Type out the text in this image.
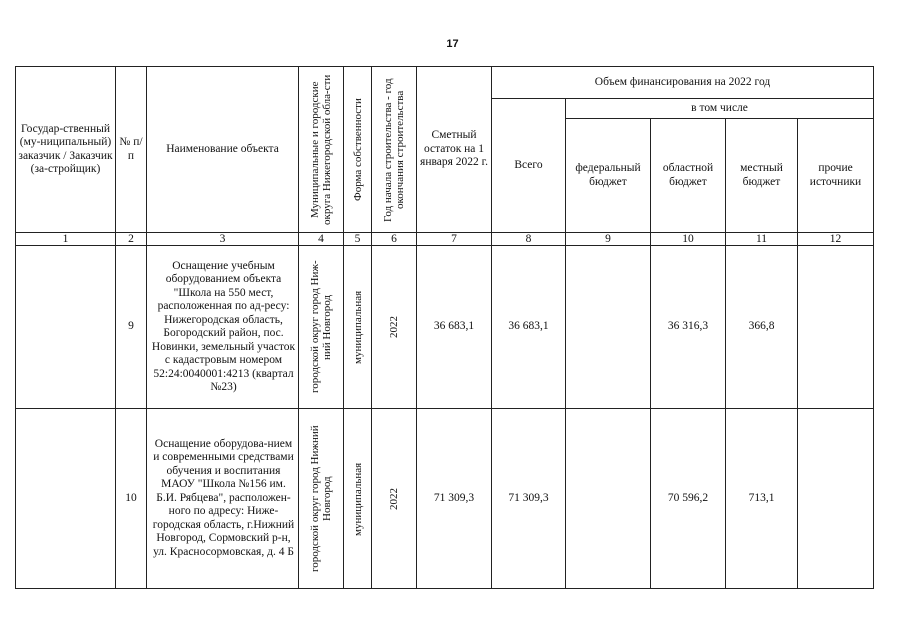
17
Государ-ственный (му-ниципальный) заказчик / Заказчик (за-стройщик)	№ п/п	Наименование объекта	Муниципальные и городские округа Нижегородской обла-сти	Форма собственности	Год начала строительства - год окончания строительства	Сметный остаток на 1 января 2022 г.	Объем финансирования на 2022 год				
							Всего	в том числе			
								федеральный бюджет	областной бюджет	местный бюджет	прочие источники
1	2	3	4	5	6	7	8	9	10	11	12
	9	Оснащение учебным оборудованием объекта "Школа на 550 мест, расположенная по ад-ресу: Нижегородская область, Богородский район, пос. Новинки, земельный участок с кадастровым номером 52:24:0040001:4213 (квартал №23)	городской округ город Ниж-ний Новгород	муниципальная	2022	36 683,1	36 683,1		36 316,3	366,8	
	10	Оснащение оборудова-нием и современными средствами обучения и воспитания МАОУ "Школа №156 им. Б.И. Рябцева", расположен-ного по адресу: Ниже-городская область, г.Нижний Новгород, Сормовский р-н, ул. Красносормовская, д. 4 Б	городской округ город Нижний Новгород	муниципальная	2022	71 309,3	71 309,3		70 596,2	713,1	
